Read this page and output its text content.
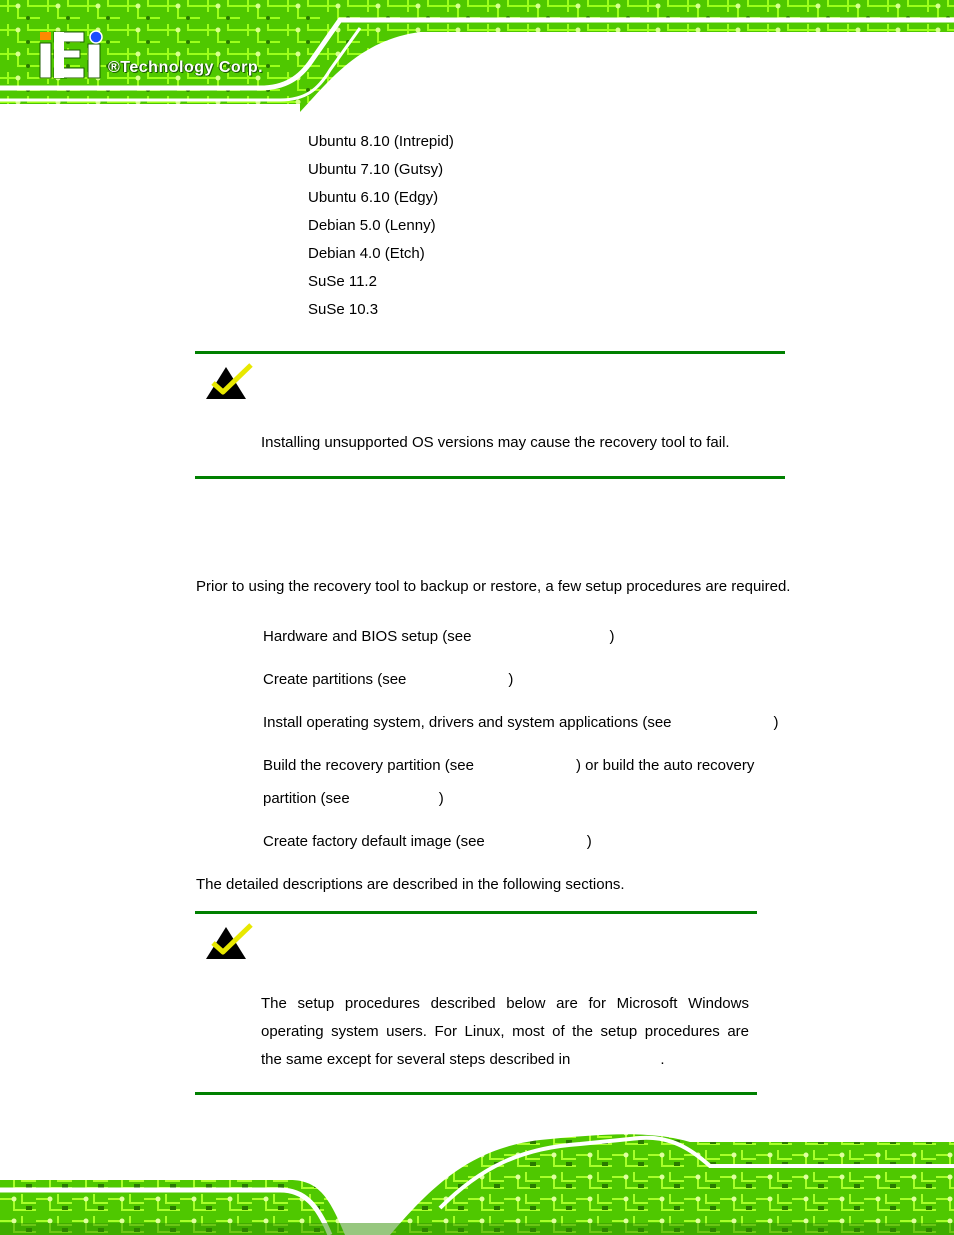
®Technology Corp.
Ubuntu 8.10 (Intrepid)
Ubuntu 7.10 (Gutsy)
Ubuntu 6.10 (Edgy)
Debian 5.0 (Lenny)
Debian 4.0 (Etch)
SuSe 11.2
SuSe 10.3
Installing unsupported OS versions may cause the recovery tool to fail.
Prior to using the recovery tool to backup or restore, a few setup procedures are required.
Hardware and BIOS setup (see	)
Create partitions (see	)
Install operating system, drivers and system applications (see	)
Build the recovery partition (see	) or build the auto recovery
partition (see	)
Create factory default image (see	)
The detailed descriptions are described in the following sections.
The setup procedures described below are for Microsoft Windows
operating system users. For Linux, most of the setup procedures are
the same except for several steps described in	.
